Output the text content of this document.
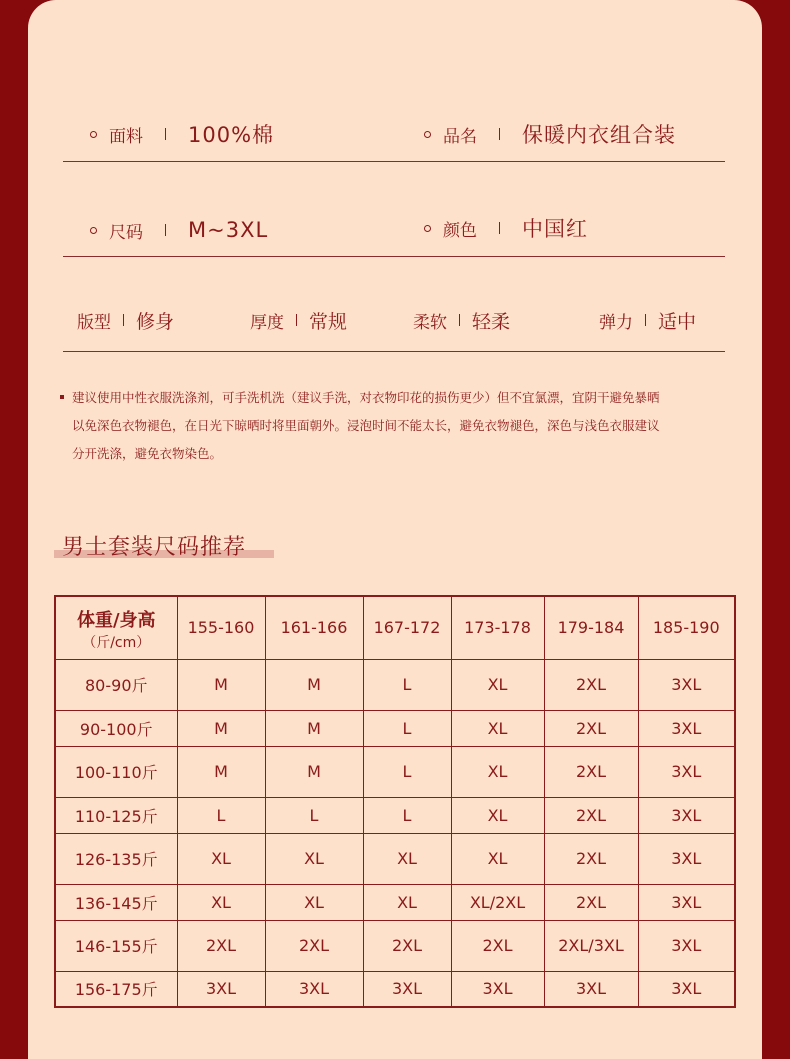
面料 100%棉	品名 保暖内衣组合装
尺码 M~3XL	颜色 中国红
版型 修身	厚度 常规	柔软 轻柔	弹力 适中
建议使用中性衣服洗涤剂，可手洗机洗（建议手洗，对衣物印花的损伤更少）但不宜氯漂，宜阴干避免暴晒
以免深色衣物褪色，在日光下晾晒时将里面朝外。浸泡时间不能太长，避免衣物褪色，深色与浅色衣服建议
分开洗涤，避免衣物染色。
男士套装尺码推荐
体重/身高
（斤/cm）	155-160	161-166	167-172	173-178	179-184	185-190
80-90斤	M	M	L	XL	2XL	3XL
90-100斤	M	M	L	XL	2XL	3XL
100-110斤	M	M	L	XL	2XL	3XL
110-125斤	L	L	L	XL	2XL	3XL
126-135斤	XL	XL	XL	XL	2XL	3XL
136-145斤	XL	XL	XL	XL/2XL	2XL	3XL
146-155斤	2XL	2XL	2XL	2XL	2XL/3XL	3XL
156-175斤	3XL	3XL	3XL	3XL	3XL	3XL
